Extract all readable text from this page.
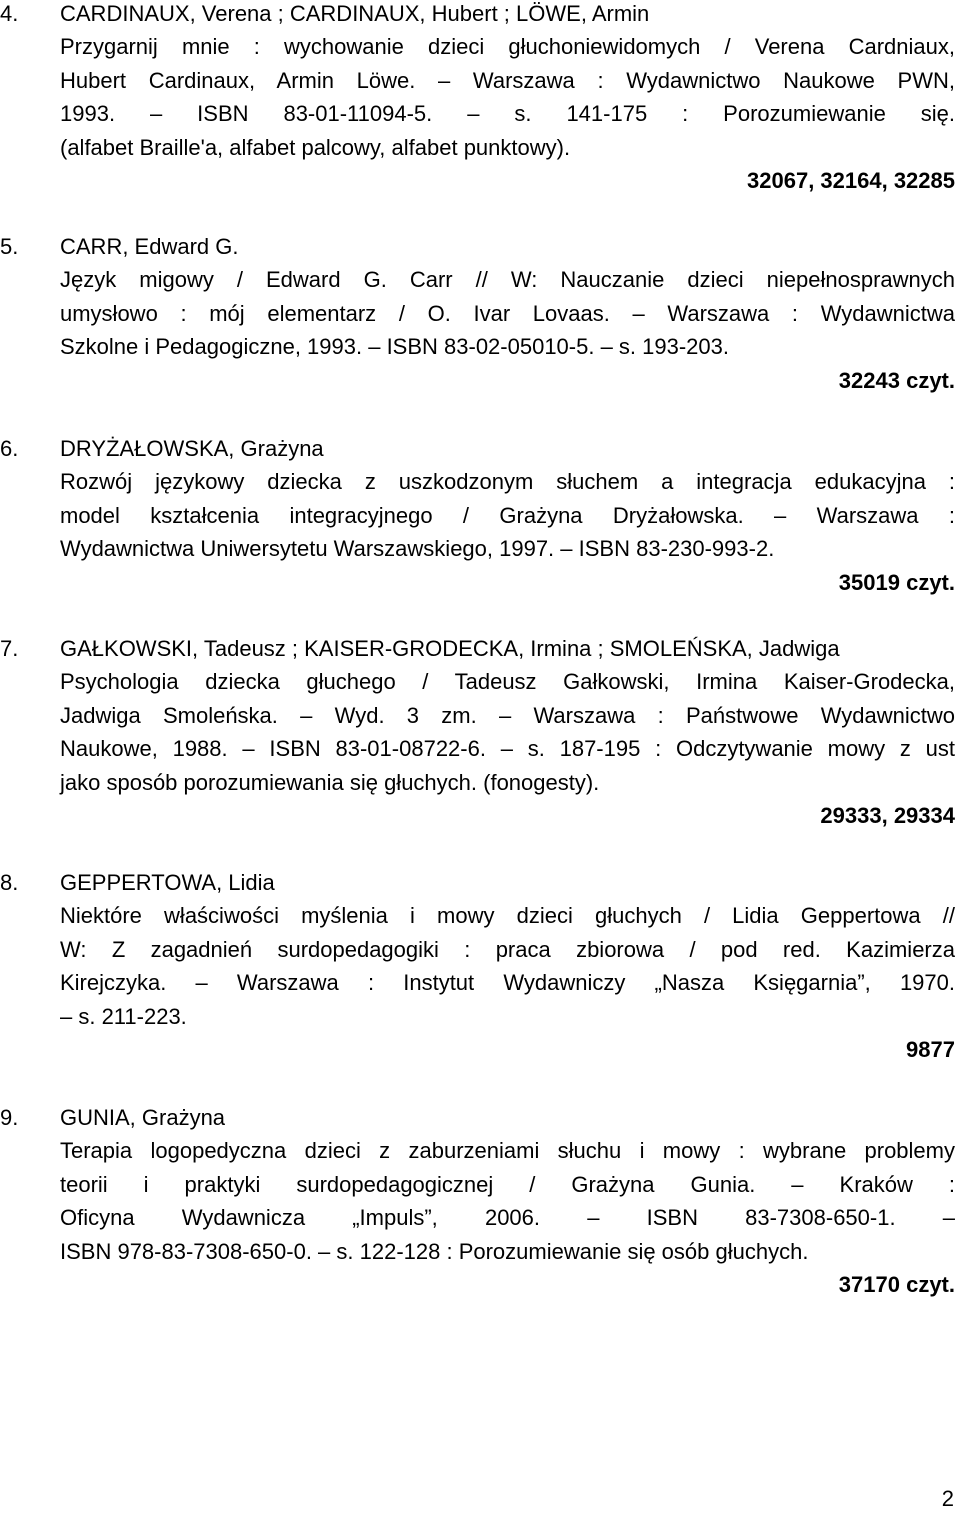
4. CARDINAUX, Verena ; CARDINAUX, Hubert ; LÖWE, Armin
Przygarnij mnie : wychowanie dzieci głuchoniewidomych / Verena Cardniaux,
Hubert Cardinaux, Armin Löwe. – Warszawa : Wydawnictwo Naukowe PWN,
1993. – ISBN 83-01-11094-5. – s. 141-175 : Porozumiewanie się.
(alfabet Braille'a, alfabet palcowy, alfabet punktowy).
32067, 32164, 32285
5. CARR, Edward G.
Język migowy / Edward G. Carr // W: Nauczanie dzieci niepełnosprawnych
umysłowo : mój elementarz / O. Ivar Lovaas. – Warszawa : Wydawnictwa
Szkolne i Pedagogiczne, 1993. – ISBN 83-02-05010-5. – s. 193-203.
32243 czyt.
6. DRYŻAŁOWSKA, Grażyna
Rozwój językowy dziecka z uszkodzonym słuchem a integracja edukacyjna :
model kształcenia integracyjnego / Grażyna Dryżałowska. – Warszawa :
Wydawnictwa Uniwersytetu Warszawskiego, 1997. – ISBN 83-230-993-2.
35019 czyt.
7. GAŁKOWSKI, Tadeusz ; KAISER-GRODECKA, Irmina ; SMOLEŃSKA, Jadwiga
Psychologia dziecka głuchego / Tadeusz Gałkowski, Irmina Kaiser-Grodecka,
Jadwiga Smoleńska. – Wyd. 3 zm. – Warszawa : Państwowe Wydawnictwo
Naukowe, 1988. – ISBN 83-01-08722-6. – s. 187-195 : Odczytywanie mowy z ust
jako sposób porozumiewania się głuchych. (fonogesty).
29333, 29334
8. GEPPERTOWA, Lidia
Niektóre właściwości myślenia i mowy dzieci głuchych / Lidia Geppertowa //
W: Z zagadnień surdopedagogiki : praca zbiorowa / pod red. Kazimierza
Kirejczyka. – Warszawa : Instytut Wydawniczy „Nasza Księgarnia”, 1970.
– s. 211-223.
9877
9. GUNIA, Grażyna
Terapia logopedyczna dzieci z zaburzeniami słuchu i mowy : wybrane problemy
teorii i praktyki surdopedagogicznej / Grażyna Gunia. – Kraków :
Oficyna Wydawnicza „Impuls”, 2006. – ISBN 83-7308-650-1. –
ISBN 978-83-7308-650-0. – s. 122-128 : Porozumiewanie się osób głuchych.
37170 czyt.
2
